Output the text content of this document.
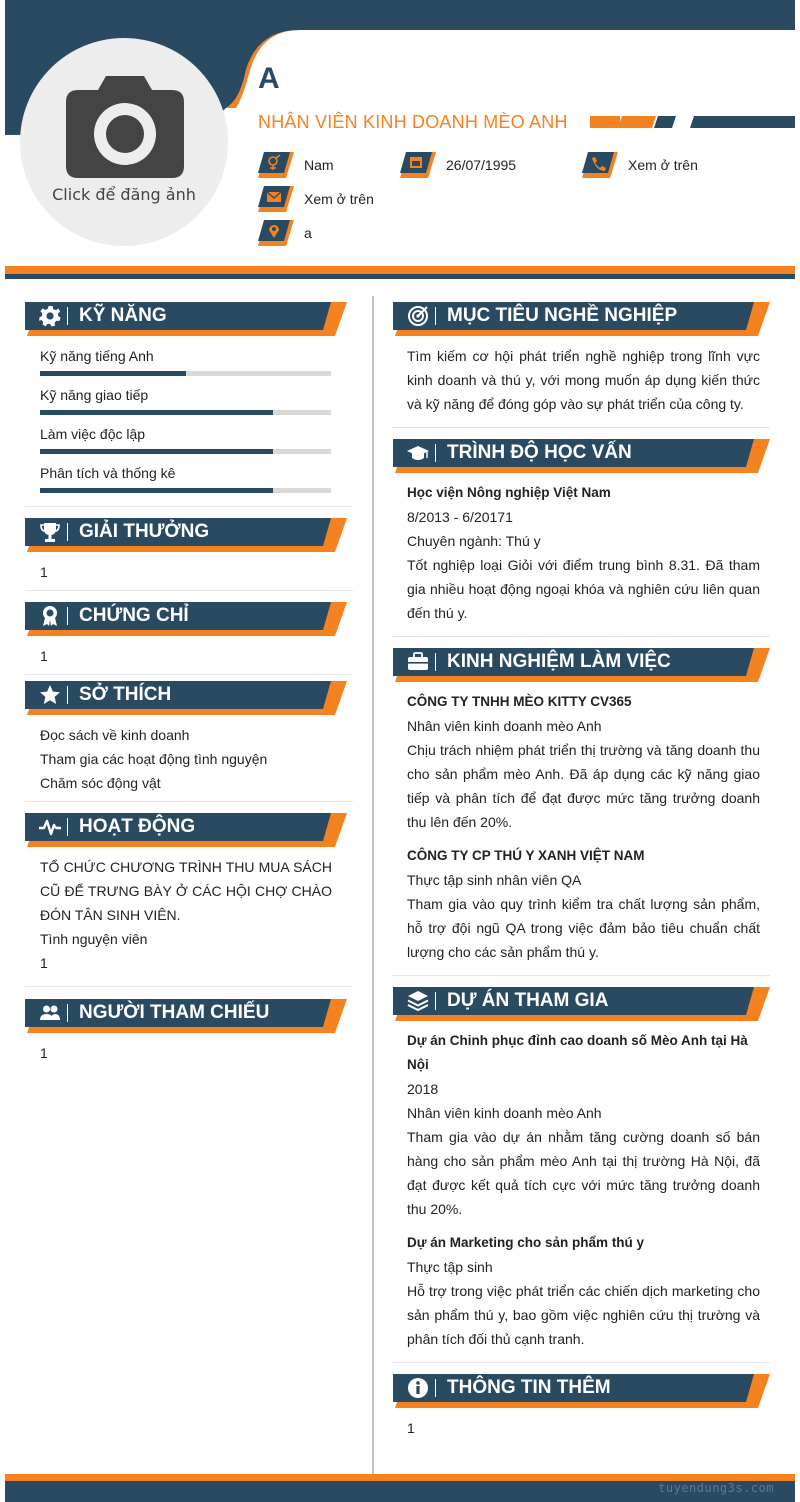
Click để đăng ảnh
A
NHÂN VIÊN KINH DOANH MÈO ANH
Nam	26/07/1995	Xem ở trên
Xem ở trên
a
KỸ NĂNG
Kỹ năng tiếng Anh
Kỹ năng giao tiếp
Làm việc độc lập
Phân tích và thống kê
GIẢI THƯỞNG
1
CHỨNG CHỈ
1
SỞ THÍCH
Đọc sách về kinh doanh
Tham gia các hoạt động tình nguyện
Chăm sóc động vật
HOẠT ĐỘNG
TỔ CHỨC CHƯƠNG TRÌNH THU MUA SÁCH CŨ ĐỂ TRƯNG BÀY Ở CÁC HỘI CHỢ CHÀO ĐÓN TÂN SINH VIÊN.
Tình nguyện viên
1
NGƯỜI THAM CHIẾU
1
MỤC TIÊU NGHỀ NGHIỆP
Tìm kiếm cơ hội phát triển nghề nghiệp trong lĩnh vực kinh doanh và thú y, với mong muốn áp dụng kiến thức và kỹ năng để đóng góp vào sự phát triển của công ty.
TRÌNH ĐỘ HỌC VẤN
Học viện Nông nghiệp Việt Nam
8/2013 - 6/20171
Chuyên ngành: Thú y
Tốt nghiệp loại Giỏi với điểm trung bình 8.31. Đã tham gia nhiều hoạt động ngoại khóa và nghiên cứu liên quan đến thú y.
KINH NGHIỆM LÀM VIỆC
CÔNG TY TNHH MÈO KITTY CV365
Nhân viên kinh doanh mèo Anh
Chịu trách nhiệm phát triển thị trường và tăng doanh thu cho sản phẩm mèo Anh. Đã áp dụng các kỹ năng giao tiếp và phân tích để đạt được mức tăng trưởng doanh thu lên đến 20%.
CÔNG TY CP THÚ Y XANH VIỆT NAM
Thực tập sinh nhân viên QA
Tham gia vào quy trình kiểm tra chất lượng sản phẩm, hỗ trợ đội ngũ QA trong việc đảm bảo tiêu chuẩn chất lượng cho các sản phẩm thú y.
DỰ ÁN THAM GIA
Dự án Chinh phục đỉnh cao doanh số Mèo Anh tại Hà Nội
2018
Nhân viên kinh doanh mèo Anh
Tham gia vào dự án nhằm tăng cường doanh số bán hàng cho sản phẩm mèo Anh tại thị trường Hà Nội, đã đạt được kết quả tích cực với mức tăng trưởng doanh thu 20%.
Dự án Marketing cho sản phẩm thú y
Thực tập sinh
Hỗ trợ trong việc phát triển các chiến dịch marketing cho sản phẩm thú y, bao gồm việc nghiên cứu thị trường và phân tích đối thủ cạnh tranh.
THÔNG TIN THÊM
1
tuyendung3s.com
